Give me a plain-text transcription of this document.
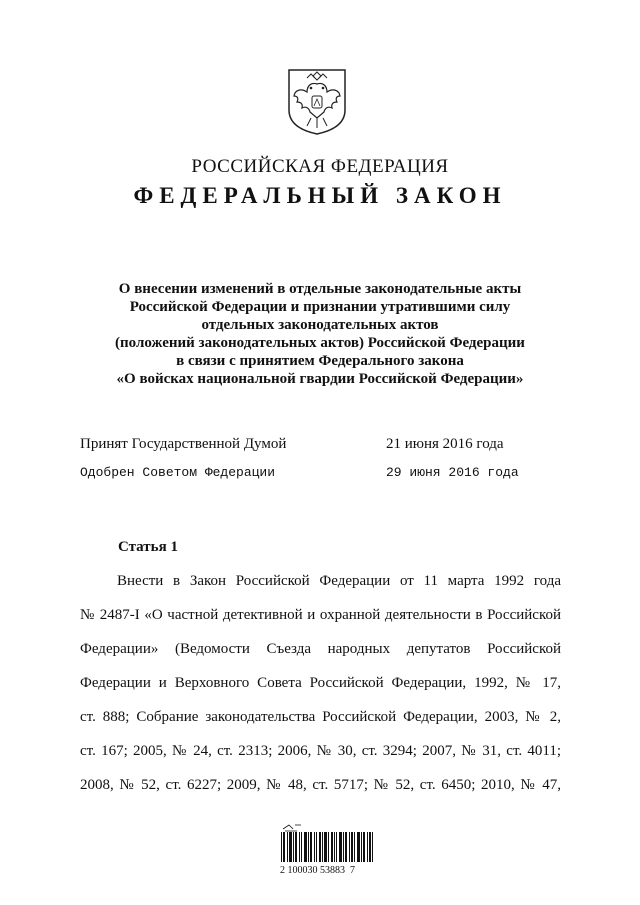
РОССИЙСКАЯ ФЕДЕРАЦИЯ
ФЕДЕРАЛЬНЫЙ ЗАКОН
О внесении изменений в отдельные законодательные акты
Российской Федерации и признании утратившими силу
отдельных законодательных актов
(положений законодательных актов) Российской Федерации
в связи с принятием Федерального закона
«О войсках национальной гвардии Российской Федерации»
Принят Государственной Думой	21 июня 2016 года
Одобрен Советом Федерации	29 июня 2016 года
Статья 1
Внести в Закон Российской Федерации от 11 марта 1992 года
№ 2487-I «О частной детективной и охранной деятельности в Российской
Федерации» (Ведомости Съезда народных депутатов Российской
Федерации и Верховного Совета Российской Федерации, 1992, № 17,
ст. 888; Собрание законодательства Российской Федерации, 2003, № 2,
ст. 167; 2005, № 24, ст. 2313; 2006, № 30, ст. 3294; 2007, № 31, ст. 4011;
2008, № 52, ст. 6227; 2009, № 48, ст. 5717; № 52, ст. 6450; 2010, № 47,
2 100030 53883  7
